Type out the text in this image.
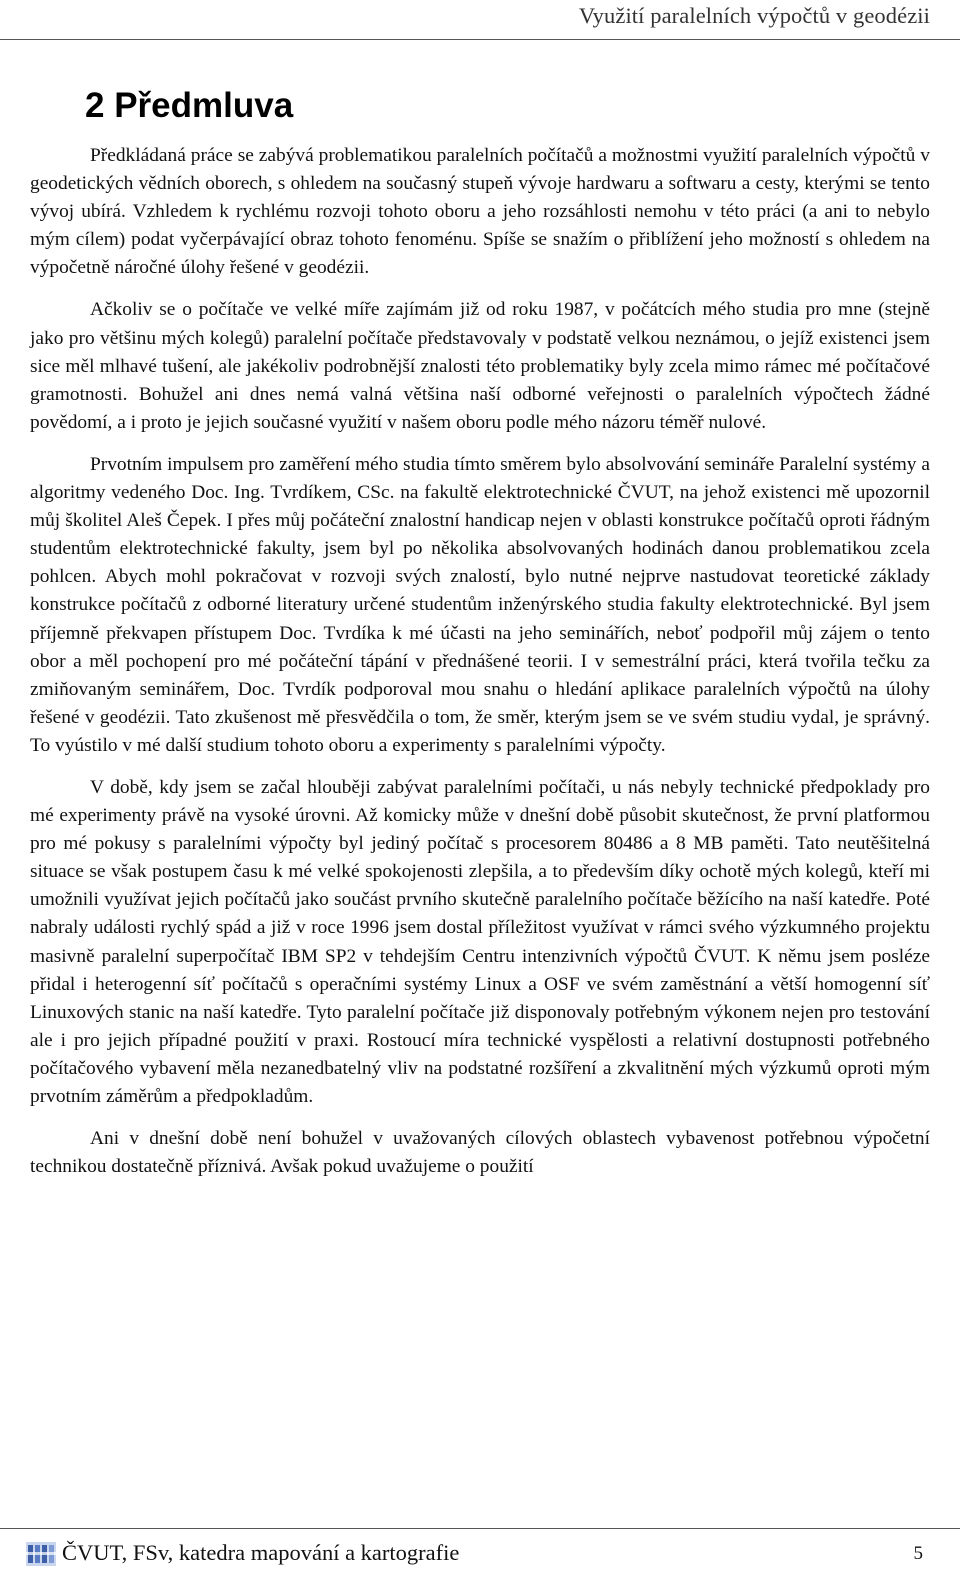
Využití paralelních výpočtů v geodézii
2 Předmluva

Předkládaná práce se zabývá problematikou paralelních počítačů a možnostmi využití paralelních výpočtů v geodetických vědních oborech, s ohledem na současný stupeň vývoje hardwaru a softwaru a cesty, kterými se tento vývoj ubírá. Vzhledem k rychlému rozvoji tohoto oboru a jeho rozsáhlosti nemohu v této práci (a ani to nebylo mým cílem) podat vyčerpávající obraz tohoto fenoménu. Spíše se snažím o přiblížení jeho možností s ohledem na výpočetně náročné úlohy řešené v geodézii.

Ačkoliv se o počítače ve velké míře zajímám již od roku 1987, v počátcích mého studia pro mne (stejně jako pro většinu mých kolegů) paralelní počítače představovaly v podstatě velkou neznámou, o jejíž existenci jsem sice měl mlhavé tušení, ale jakékoliv podrobnější znalosti této problematiky byly zcela mimo rámec mé počítačové gramotnosti. Bohužel ani dnes nemá valná většina naší odborné veřejnosti o paralelních výpočtech žádné povědomí, a i proto je jejich současné využití v našem oboru podle mého názoru téměř nulové.

Prvotním impulsem pro zaměření mého studia tímto směrem bylo absolvování semináře Paralelní systémy a algoritmy vedeného Doc. Ing. Tvrdíkem, CSc. na fakultě elektrotechnické ČVUT, na jehož existenci mě upozornil můj školitel Aleš Čepek. I přes můj počáteční znalostní handicap nejen v oblasti konstrukce počítačů oproti řádným studentům elektrotechnické fakulty, jsem byl po několika absolvovaných hodinách danou problematikou zcela pohlcen. Abych mohl pokračovat v rozvoji svých znalostí, bylo nutné nejprve nastudovat teoretické základy konstrukce počítačů z odborné literatury určené studentům inženýrského studia fakulty elektrotechnické. Byl jsem příjemně překvapen přístupem Doc. Tvrdíka k mé účasti na jeho seminářích, neboť podpořil můj zájem o tento obor a měl pochopení pro mé počáteční tápání v přednášené teorii. I v semestrální práci, která tvořila tečku za zmiňovaným seminářem, Doc. Tvrdík podporoval mou snahu o hledání aplikace paralelních výpočtů na úlohy řešené v geodézii. Tato zkušenost mě přesvědčila o tom, že směr, kterým jsem se ve svém studiu vydal, je správný. To vyústilo v mé další studium tohoto oboru a experimenty s paralelními výpočty.

V době, kdy jsem se začal hlouběji zabývat paralelními počítači, u nás nebyly technické předpoklady pro mé experimenty právě na vysoké úrovni. Až komicky může v dnešní době působit skutečnost, že první platformou pro mé pokusy s paralelními výpočty byl jediný počítač s procesorem 80486 a 8 MB paměti. Tato neutěšitelná situace se však postupem času k mé velké spokojenosti zlepšila, a to především díky ochotě mých kolegů, kteří mi umožnili využívat jejich počítačů jako součást prvního skutečně paralelního počítače běžícího na naší katedře. Poté nabraly události rychlý spád a již v roce 1996 jsem dostal příležitost využívat v rámci svého výzkumného projektu masivně paralelní superpočítač IBM SP2 v tehdejším Centru intenzivních výpočtů ČVUT. K němu jsem posléze přidal i heterogenní síť počítačů s operačními systémy Linux a OSF ve svém zaměstnání a větší homogenní síť Linuxových stanic na naší katedře. Tyto paralelní počítače již disponovaly potřebným výkonem nejen pro testování ale i pro jejich případné použití v praxi. Rostoucí míra technické vyspělosti a relativní dostupnosti potřebného počítačového vybavení měla nezanedbatelný vliv na podstatné rozšíření a zkvalitnění mých výzkumů oproti mým prvotním záměrům a předpokladům.

Ani v dnešní době není bohužel v uvažovaných cílových oblastech vybavenost potřebnou výpočetní technikou dostatečně příznivá. Avšak pokud uvažujeme o použití

ČVUT, FSv, katedra mapování a kartografie	5
